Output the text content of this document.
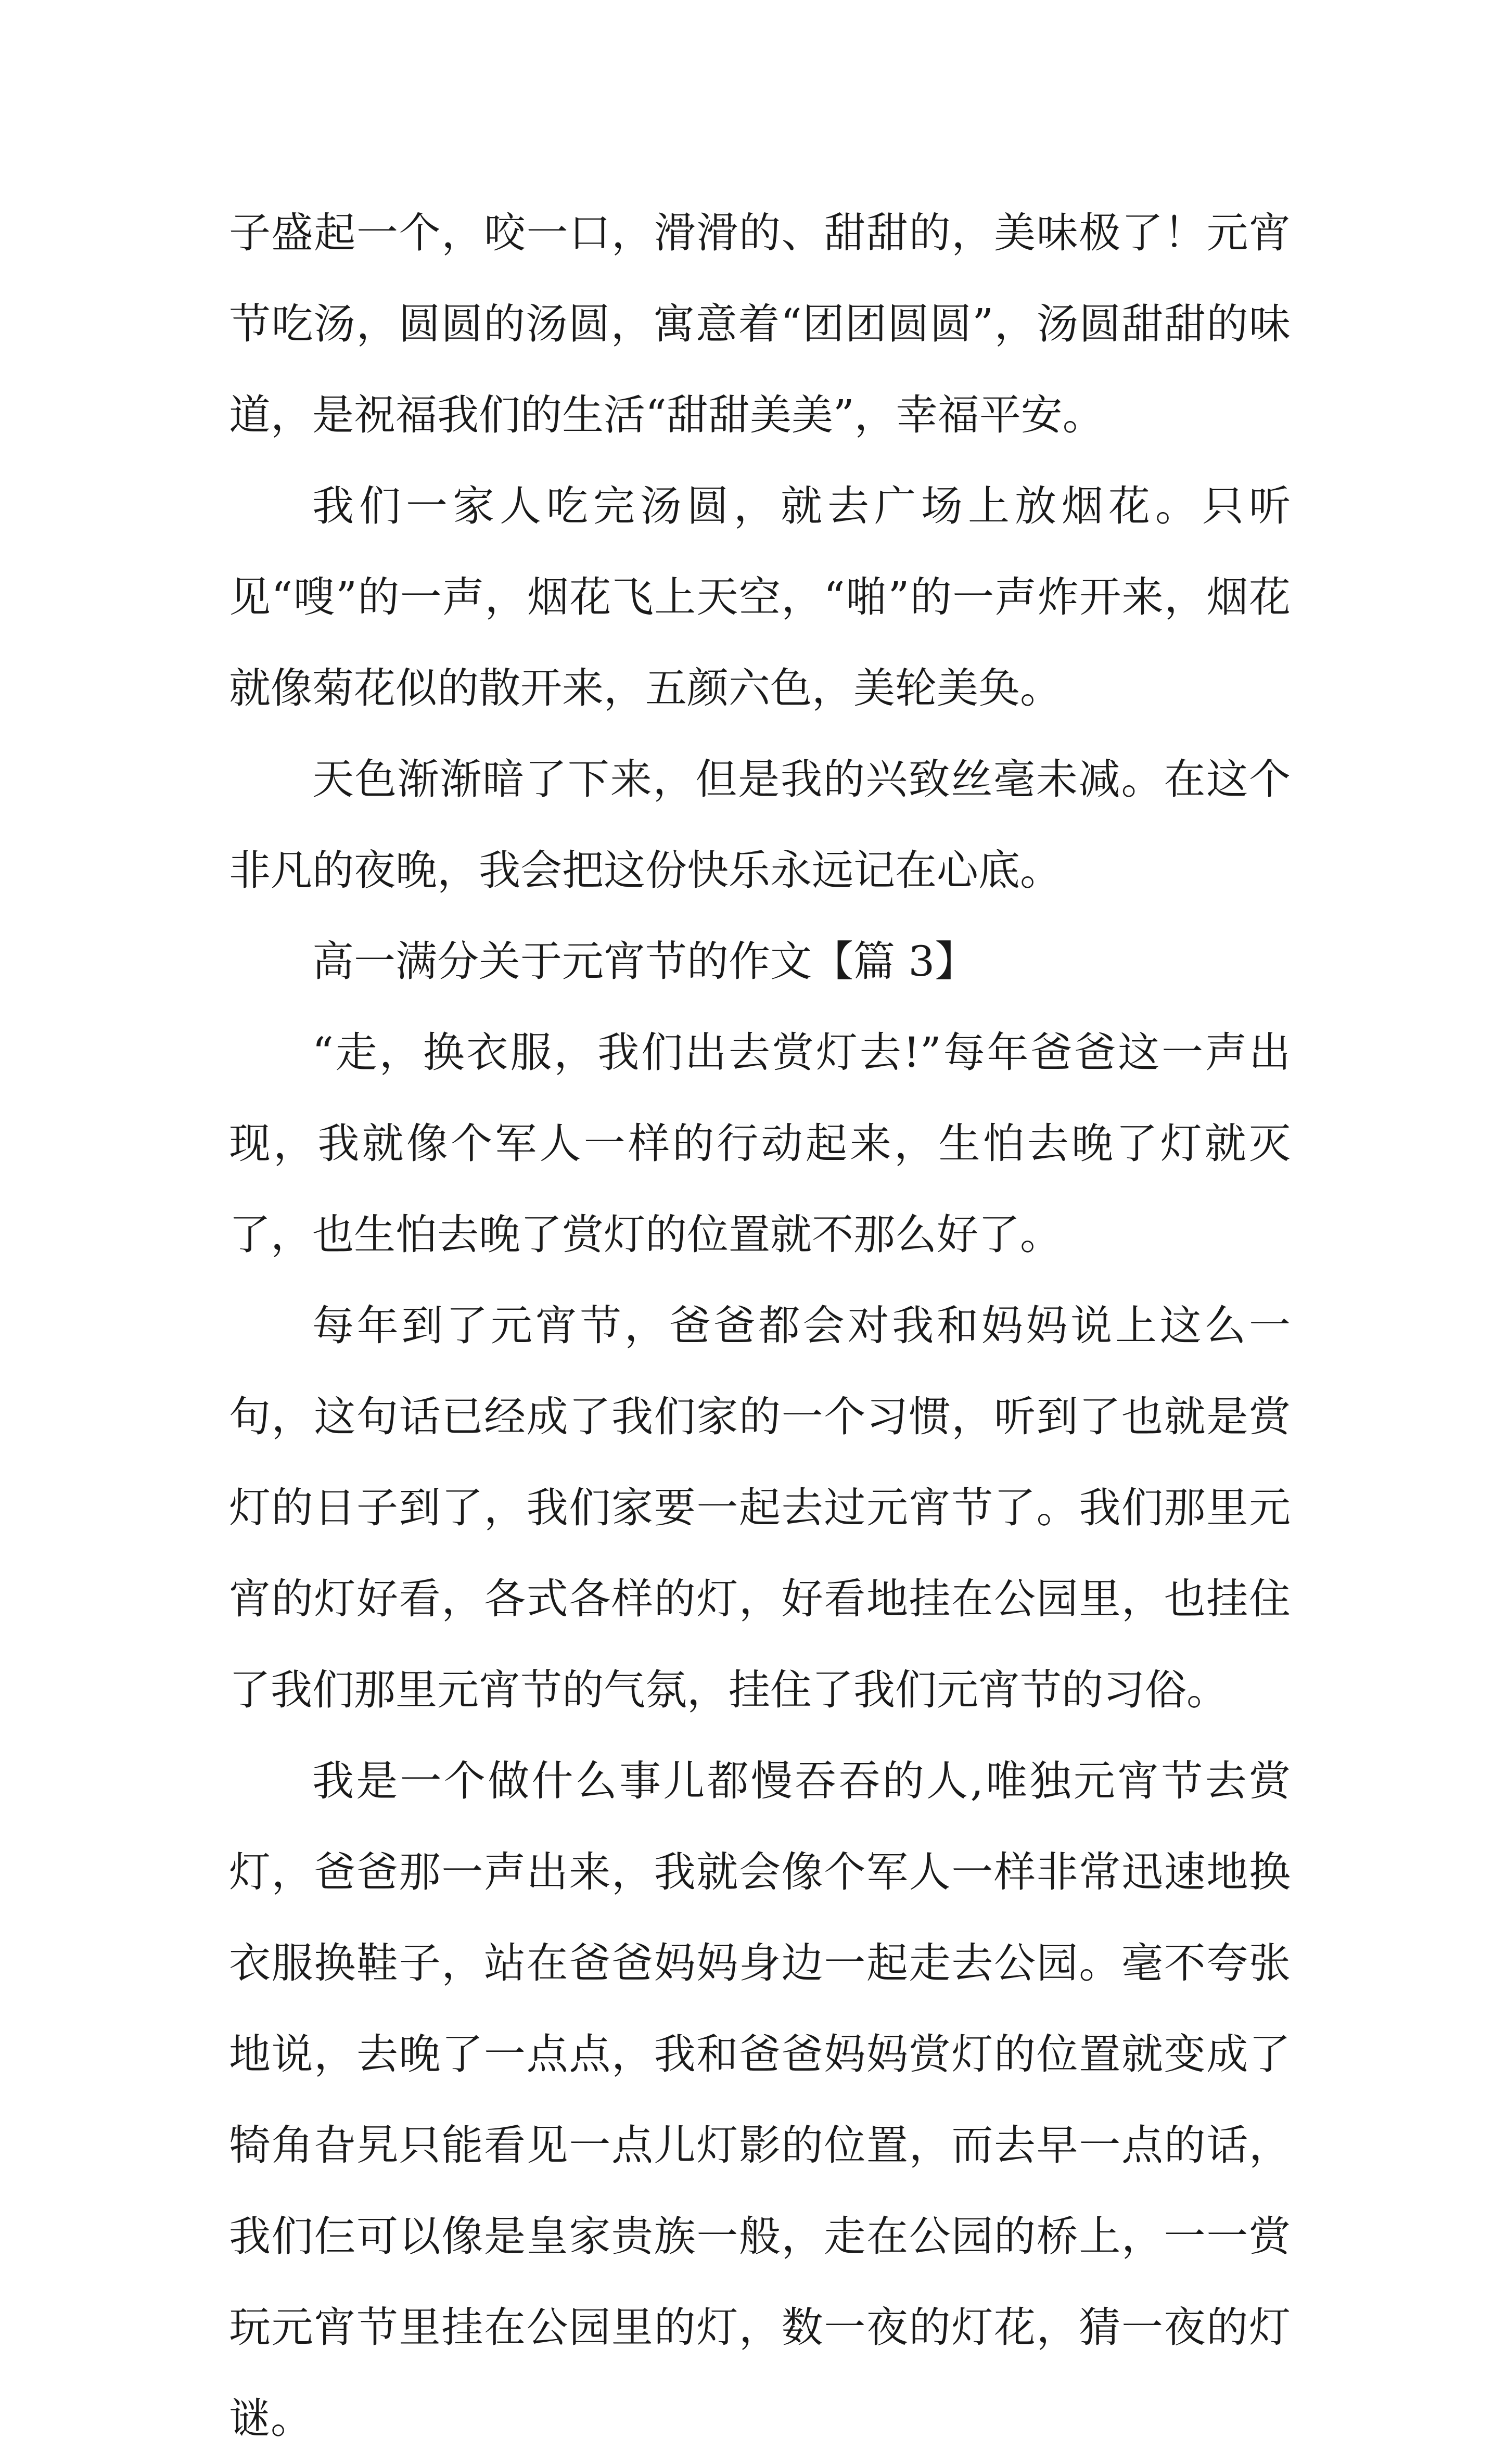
子盛起一个，咬一口，滑滑的、甜甜的，美味极了！元宵节吃汤，圆圆的汤圆，寓意着“团团圆圆”，汤圆甜甜的味道，是祝福我们的生活“甜甜美美”，幸福平安。

我们一家人吃完汤圆，就去广场上放烟花。只听见“嗖”的一声，烟花飞上天空，“啪”的一声炸开来，烟花就像菊花似的散开来，五颜六色，美轮美奂。

天色渐渐暗了下来，但是我的兴致丝毫未减。在这个非凡的夜晚，我会把这份快乐永远记在心底。

高一满分关于元宵节的作文【篇 3】

“走，换衣服，我们出去赏灯去!”每年爸爸这一声出现，我就像个军人一样的行动起来，生怕去晚了灯就灭了，也生怕去晚了赏灯的位置就不那么好了。

每年到了元宵节，爸爸都会对我和妈妈说上这么一句，这句话已经成了我们家的一个习惯，听到了也就是赏灯的日子到了，我们家要一起去过元宵节了。我们那里元宵的灯好看，各式各样的灯，好看地挂在公园里，也挂住了我们那里元宵节的气氛，挂住了我们元宵节的习俗。

我是一个做什么事儿都慢吞吞的人,唯独元宵节去赏灯，爸爸那一声出来，我就会像个军人一样非常迅速地换衣服换鞋子，站在爸爸妈妈身边一起走去公园。毫不夸张地说，去晚了一点点，我和爸爸妈妈赏灯的位置就变成了犄角旮旯只能看见一点儿灯影的位置，而去早一点的话，我们仨可以像是皇家贵族一般，走在公园的桥上，一一赏玩元宵节里挂在公园里的灯，数一夜的灯花，猜一夜的灯谜。
